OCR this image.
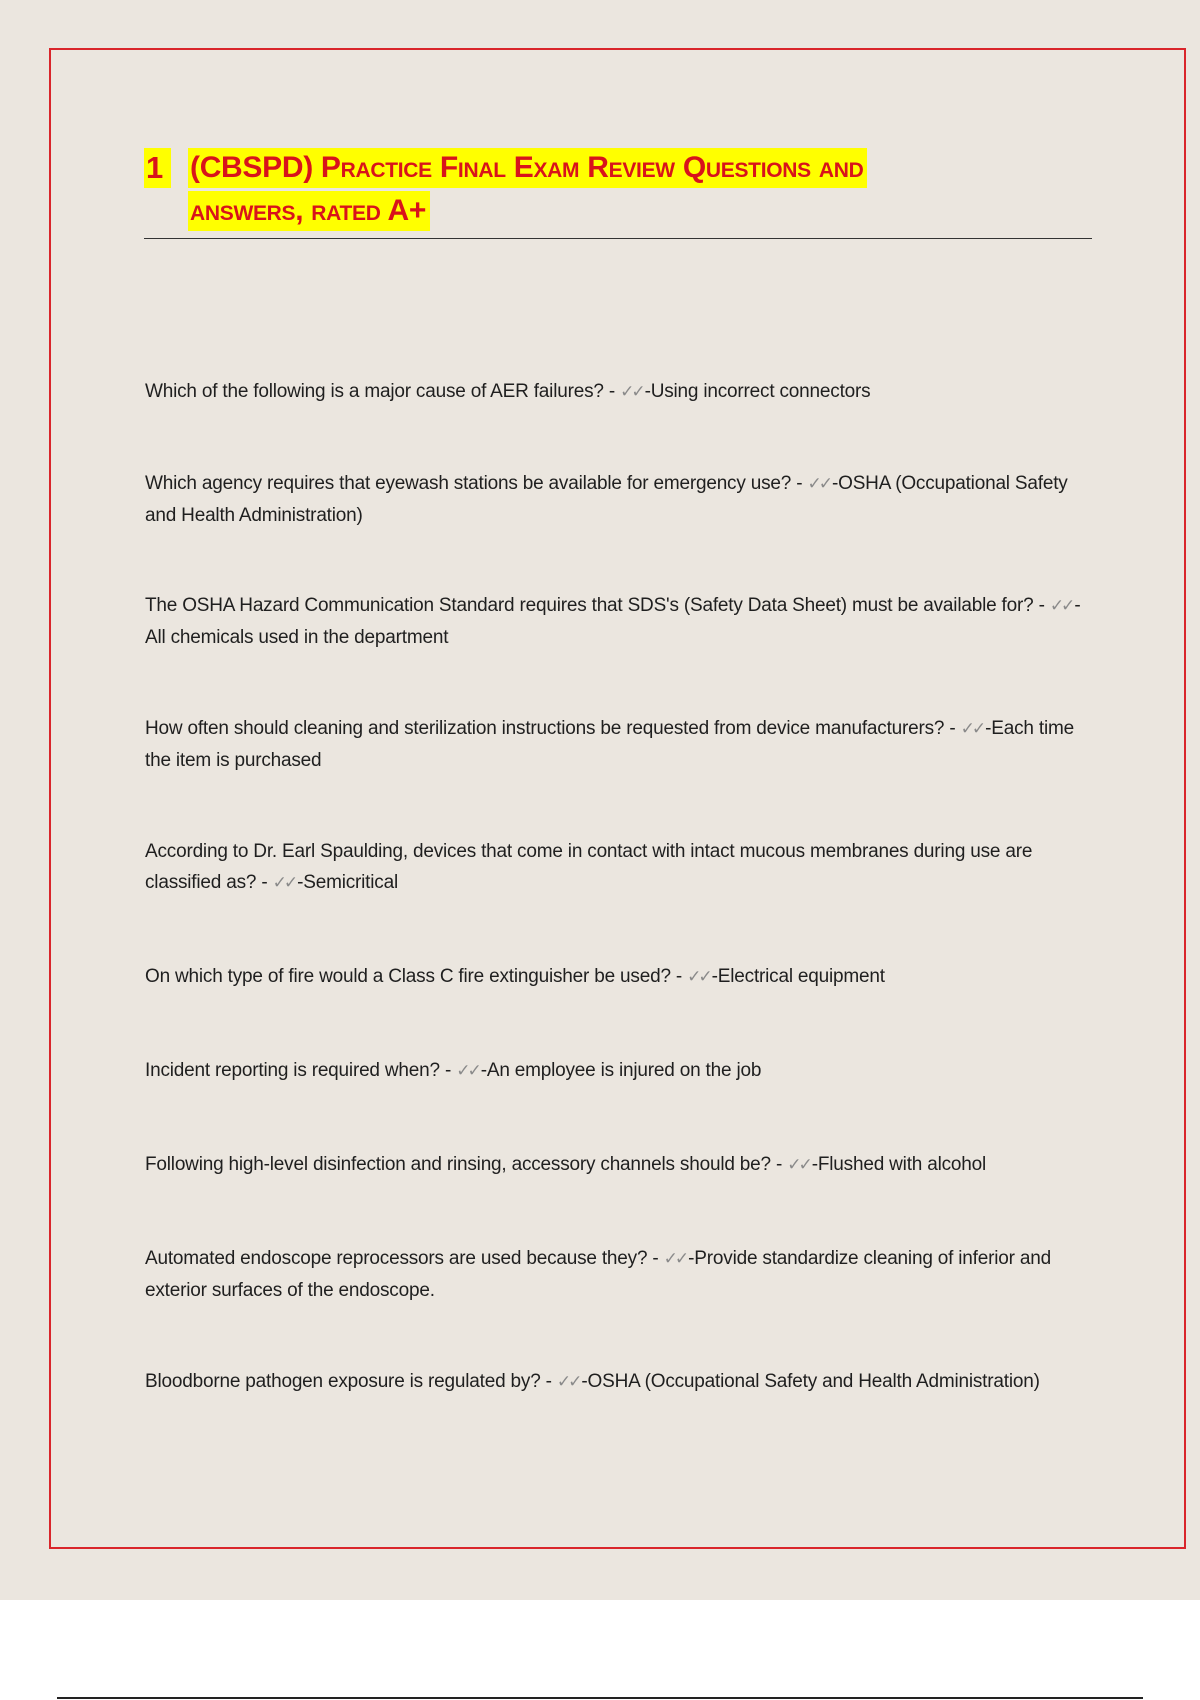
1 (CBSPD) Practice Final Exam Review Questions and
answers, rated A+
Which of the following is a major cause of AER failures? - ✓✓ -Using incorrect connectors
Which agency requires that eyewash stations be available for emergency use? - ✓✓ -OSHA (Occupational Safety and Health Administration)
The OSHA Hazard Communication Standard requires that SDS's (Safety Data Sheet) must be available for? - ✓✓ -All chemicals used in the department
How often should cleaning and sterilization instructions be requested from device manufacturers? - ✓✓ -Each time the item is purchased
According to Dr. Earl Spaulding, devices that come in contact with intact mucous membranes during use are classified as? - ✓✓ -Semicritical
On which type of fire would a Class C fire extinguisher be used? - ✓✓ -Electrical equipment
Incident reporting is required when? - ✓✓ -An employee is injured on the job
Following high-level disinfection and rinsing, accessory channels should be? - ✓✓ -Flushed with alcohol
Automated endoscope reprocessors are used because they? - ✓✓ -Provide standardize cleaning of inferior and exterior surfaces of the endoscope.
Bloodborne pathogen exposure is regulated by? - ✓✓ -OSHA (Occupational Safety and Health Administration)
